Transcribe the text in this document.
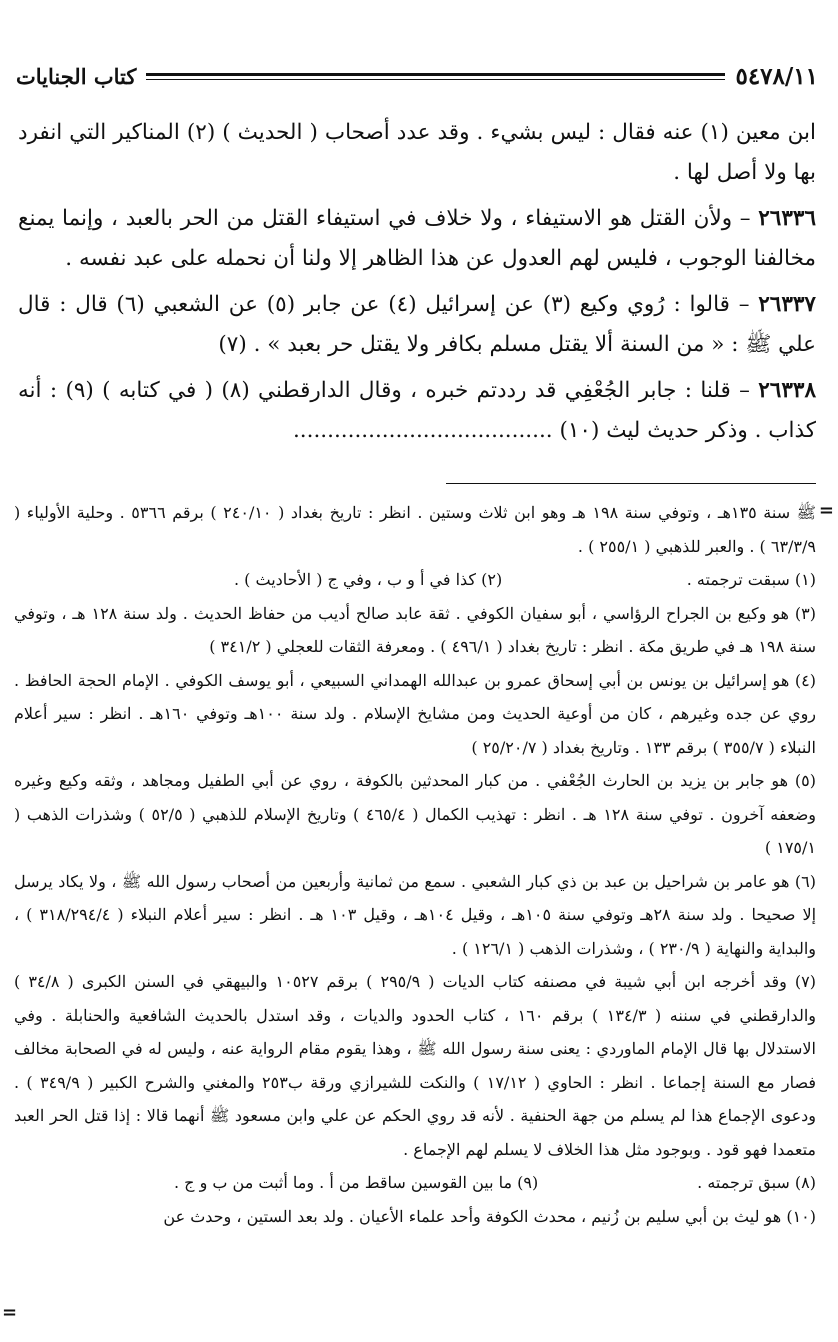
٥٤٧٨/١١
كتاب الجنايات

ابن معين (١) عنه فقال : ليس بشيء . وقد عدد أصحاب ( الحديث ) (٢) المناكير التي انفرد بها ولا أصل لها .

٢٦٣٣٦ – ولأن القتل هو الاستيفاء ، ولا خلاف في استيفاء القتل من الحر بالعبد ، وإنما يمنع مخالفنا الوجوب ، فليس لهم العدول عن هذا الظاهر إلا ولنا أن نحمله على عبد نفسه .

٢٦٣٣٧ – قالوا : رُوي وكيع (٣) عن إسرائيل (٤) عن جابر (٥) عن الشعبي (٦) قال : قال علي ﷺ : « من السنة ألا يقتل مسلم بكافر ولا يقتل حر بعبد » . (٧)

٢٦٣٣٨ – قلنا : جابر الجُعْفِي قد رددتم خبره ، وقال الدارقطني (٨) ( في كتابه ) (٩) : أنه كذاب . وذكر حديث ليث (١٠) ......................................

=

ﷺ سنة ١٣٥هـ ، وتوفي سنة ١٩٨ هـ وهو ابن ثلاث وستين . انظر : تاريخ بغداد ( ٢٤٠/١٠ ) برقم ٥٣٦٦ . وحلية الأولياء ( ٦٣/٣/٩ ) . والعبر للذهبي ( ٢٥٥/١ ) .

(١) سبقت ترجمته .
(٢) كذا في أ و ب ، وفي ج ( الأحاديث ) .

(٣) هو وكيع بن الجراح الرؤاسي ، أبو سفيان الكوفي . ثقة عابد صالح أديب من حفاظ الحديث . ولد سنة ١٢٨ هـ ، وتوفي سنة ١٩٨ هـ في طريق مكة . انظر : تاريخ بغداد ( ٤٩٦/١ ) . ومعرفة الثقات للعجلي ( ٣٤١/٢ )

(٤) هو إسرائيل بن يونس بن أبي إسحاق عمرو بن عبدالله الهمداني السبيعي ، أبو يوسف الكوفي . الإمام الحجة الحافظ . روي عن جده وغيرهم ، كان من أوعية الحديث ومن مشايخ الإسلام . ولد سنة ١٠٠هـ وتوفي ١٦٠هـ . انظر : سير أعلام النبلاء ( ٣٥٥/٧ ) برقم ١٣٣ . وتاريخ بغداد ( ٢٥/٢٠/٧ )

(٥) هو جابر بن يزيد بن الحارث الجُعْفي . من كبار المحدثين بالكوفة ، روي عن أبي الطفيل ومجاهد ، وثقه وكيع وغيره وضعفه آخرون . توفي سنة ١٢٨ هـ . انظر : تهذيب الكمال ( ٤٦٥/٤ ) وتاريخ الإسلام للذهبي ( ٥٢/٥ ) وشذرات الذهب ( ١٧٥/١ )

(٦) هو عامر بن شراحيل بن عبد بن ذي كبار الشعبي . سمع من ثمانية وأربعين من أصحاب رسول الله ﷺ ، ولا يكاد يرسل إلا صحيحا . ولد سنة ٢٨هـ وتوفي سنة ١٠٥هـ ، وقيل ١٠٤هـ ، وقيل ١٠٣ هـ . انظر : سير أعلام النبلاء ( ٣١٨/٢٩٤/٤ ) ، والبداية والنهاية ( ٢٣٠/٩ ) ، وشذرات الذهب ( ١٢٦/١ ) .

(٧) وقد أخرجه ابن أبي شيبة في مصنفه كتاب الديات ( ٢٩٥/٩ ) برقم ١٠٥٢٧ والبيهقي في السنن الكبرى ( ٣٤/٨ ) والدارقطني في سننه ( ١٣٤/٣ ) برقم ١٦٠ ، كتاب الحدود والديات ، وقد استدل بالحديث الشافعية والحنابلة . وفي الاستدلال بها قال الإمام الماوردي : يعنى سنة رسول الله ﷺ ، وهذا يقوم مقام الرواية عنه ، وليس له في الصحابة مخالف فصار مع السنة إجماعا . انظر : الحاوي ( ١٧/١٢ ) والنكت للشيرازي ورقة ب٢٥٣ والمغني والشرح الكبير ( ٣٤٩/٩ ) . ودعوى الإجماع هذا لم يسلم من جهة الحنفية . لأنه قد روي الحكم عن علي وابن مسعود ﷺ أنهما قالا : إذا قتل الحر العبد متعمدا فهو قود . وبوجود مثل هذا الخلاف لا يسلم لهم الإجماع .

(٨) سبق ترجمته .
(٩) ما بين القوسين ساقط من أ . وما أثبت من ب و ج .

(١٠) هو ليث بن أبي سليم بن زُنيم ، محدث الكوفة وأحد علماء الأعيان . ولد بعد الستين ، وحدث عن

=
